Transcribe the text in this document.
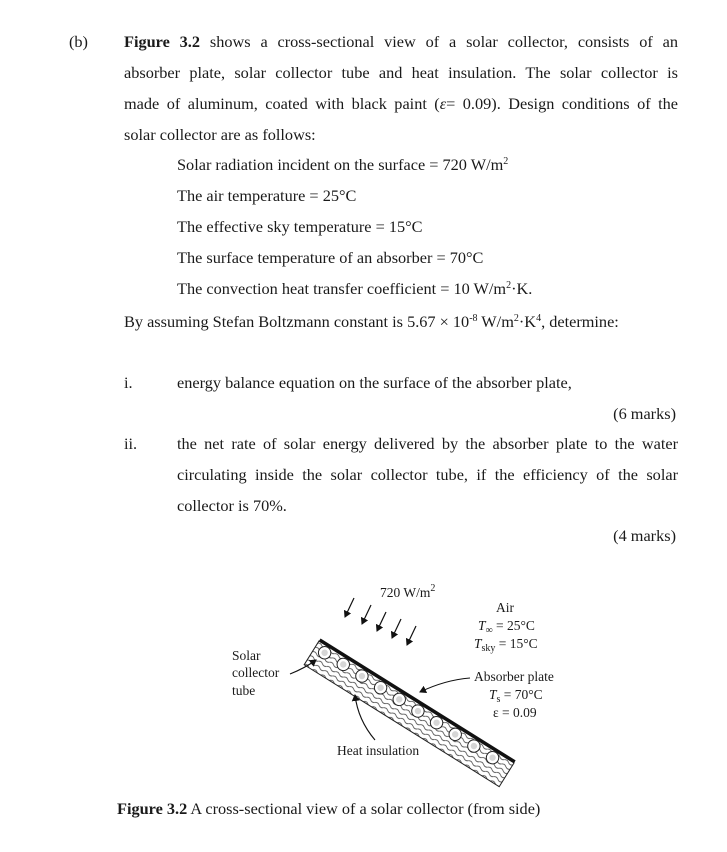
(b) Figure 3.2 shows a cross-sectional view of a solar collector, consists of an
absorber plate, solar collector tube and heat insulation. The solar collector is
made of aluminum, coated with black paint (ε= 0.09). Design conditions of the
solar collector are as follows:
Solar radiation incident on the surface = 720 $W/m^2$
The air temperature = 25°C
The effective sky temperature = 15°C
The surface temperature of an absorber = 70°C
The convection heat transfer coefficient = 10 $W/m^2\cdot K$.
By assuming Stefan Boltzmann constant is $5.67 \times 10^{-8}$ $W/m^2\cdot K^4$, determine:
i.	energy balance equation on the surface of the absorber plate,
(6 marks)
ii. the net rate of solar energy delivered by the absorber plate to the water
circulating inside the solar collector tube, if the efficiency of the solar
collector is 70%.
(4 marks)
720 $W/m^2$
Air
$T_\infty = 25^\circ C$
$T_{sky} = 15^\circ C$
Solar
collector
tube
Absorber plate
$T_s = 70^\circ C$
ε = 0.09
Heat insulation
Figure 3.2 A cross-sectional view of a solar collector (from side)
